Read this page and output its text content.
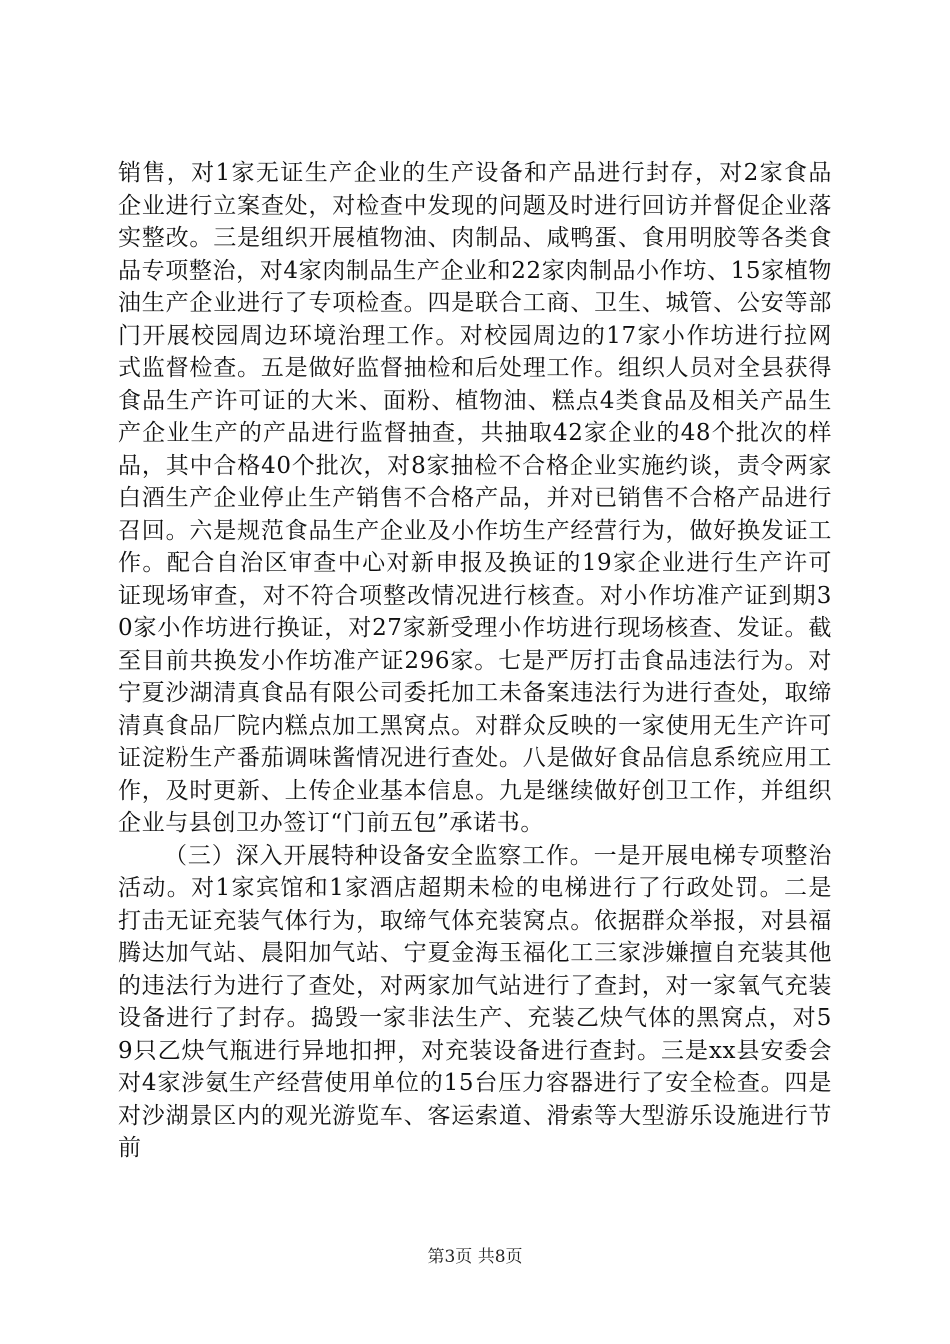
销售，对1家无证生产企业的生产设备和产品进行封存，对2家食品企业进行立案查处，对检查中发现的问题及时进行回访并督促企业落实整改。三是组织开展植物油、肉制品、咸鸭蛋、食用明胶等各类食品专项整治，对4家肉制品生产企业和22家肉制品小作坊、15家植物油生产企业进行了专项检查。四是联合工商、卫生、城管、公安等部门开展校园周边环境治理工作。对校园周边的17家小作坊进行拉网式监督检查。五是做好监督抽检和后处理工作。组织人员对全县获得食品生产许可证的大米、面粉、植物油、糕点4类食品及相关产品生产企业生产的产品进行监督抽查，共抽取42家企业的48个批次的样品，其中合格40个批次，对8家抽检不合格企业实施约谈，责令两家白酒生产企业停止生产销售不合格产品，并对已销售不合格产品进行召回。六是规范食品生产企业及小作坊生产经营行为，做好换发证工作。配合自治区审查中心对新申报及换证的19家企业进行生产许可证现场审查，对不符合项整改情况进行核查。对小作坊准产证到期30家小作坊进行换证，对27家新受理小作坊进行现场核查、发证。截至目前共换发小作坊准产证296家。七是严厉打击食品违法行为。对宁夏沙湖清真食品有限公司委托加工未备案违法行为进行查处，取缔清真食品厂院内糕点加工黑窝点。对群众反映的一家使用无生产许可证淀粉生产番茄调味酱情况进行查处。八是做好食品信息系统应用工作，及时更新、上传企业基本信息。九是继续做好创卫工作，并组织企业与县创卫办签订“门前五包”承诺书。

（三）深入开展特种设备安全监察工作。一是开展电梯专项整治活动。对1家宾馆和1家酒店超期未检的电梯进行了行政处罚。二是打击无证充装气体行为，取缔气体充装窝点。依据群众举报，对县福腾达加气站、晨阳加气站、宁夏金海玉福化工三家涉嫌擅自充装其他的违法行为进行了查处，对两家加气站进行了查封，对一家氧气充装设备进行了封存。捣毁一家非法生产、充装乙炔气体的黑窝点，对59只乙炔气瓶进行异地扣押，对充装设备进行查封。三是xx县安委会对4家涉氨生产经营使用单位的15台压力容器进行了安全检查。四是对沙湖景区内的观光游览车、客运索道、滑索等大型游乐设施进行节前

第3页 共8页
